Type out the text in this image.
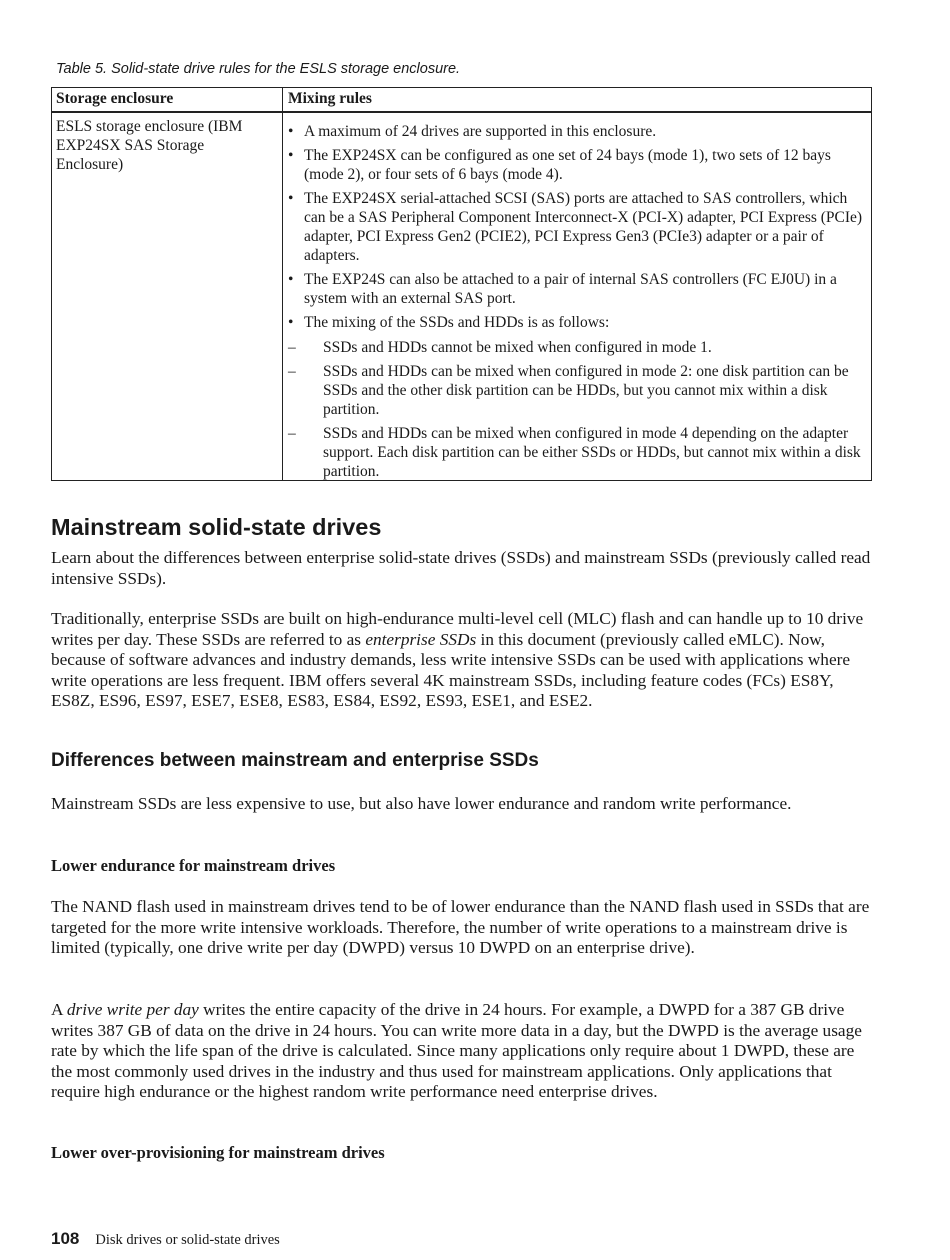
Table 5. Solid-state drive rules for the ESLS storage enclosure.
Storage enclosure	Mixing rules
ESLS storage enclosure (IBM EXP24SX SAS Storage Enclosure)
• A maximum of 24 drives are supported in this enclosure.
• The EXP24SX can be configured as one set of 24 bays (mode 1), two sets of 12 bays (mode 2), or four sets of 6 bays (mode 4).
• The EXP24SX serial-attached SCSI (SAS) ports are attached to SAS controllers, which can be a SAS Peripheral Component Interconnect-X (PCI-X) adapter, PCI Express (PCIe) adapter, PCI Express Gen2 (PCIE2), PCI Express Gen3 (PCIe3) adapter or a pair of adapters.
• The EXP24S can also be attached to a pair of internal SAS controllers (FC EJ0U) in a system with an external SAS port.
• The mixing of the SSDs and HDDs is as follows:
– SSDs and HDDs cannot be mixed when configured in mode 1.
– SSDs and HDDs can be mixed when configured in mode 2: one disk partition can be SSDs and the other disk partition can be HDDs, but you cannot mix within a disk partition.
– SSDs and HDDs can be mixed when configured in mode 4 depending on the adapter support. Each disk partition can be either SSDs or HDDs, but cannot mix within a disk partition.
Mainstream solid-state drives

Learn about the differences between enterprise solid-state drives (SSDs) and mainstream SSDs (previously called read intensive SSDs).

Traditionally, enterprise SSDs are built on high-endurance multi-level cell (MLC) flash and can handle up to 10 drive writes per day. These SSDs are referred to as enterprise SSDs in this document (previously called eMLC). Now, because of software advances and industry demands, less write intensive SSDs can be used with applications where write operations are less frequent. IBM offers several 4K mainstream SSDs, including feature codes (FCs) ES8Y, ES8Z, ES96, ES97, ESE7, ESE8, ES83, ES84, ES92, ES93, ESE1, and ESE2.

Differences between mainstream and enterprise SSDs

Mainstream SSDs are less expensive to use, but also have lower endurance and random write performance.

Lower endurance for mainstream drives

The NAND flash used in mainstream drives tend to be of lower endurance than the NAND flash used in SSDs that are targeted for the more write intensive workloads. Therefore, the number of write operations to a mainstream drive is limited (typically, one drive write per day (DWPD) versus 10 DWPD on an enterprise drive).

A drive write per day writes the entire capacity of the drive in 24 hours. For example, a DWPD for a 387 GB drive writes 387 GB of data on the drive in 24 hours. You can write more data in a day, but the DWPD is the average usage rate by which the life span of the drive is calculated. Since many applications only require about 1 DWPD, these are the most commonly used drives in the industry and thus used for mainstream applications. Only applications that require high endurance or the highest random write performance need enterprise drives.

Lower over-provisioning for mainstream drives
108 Disk drives or solid-state drives
